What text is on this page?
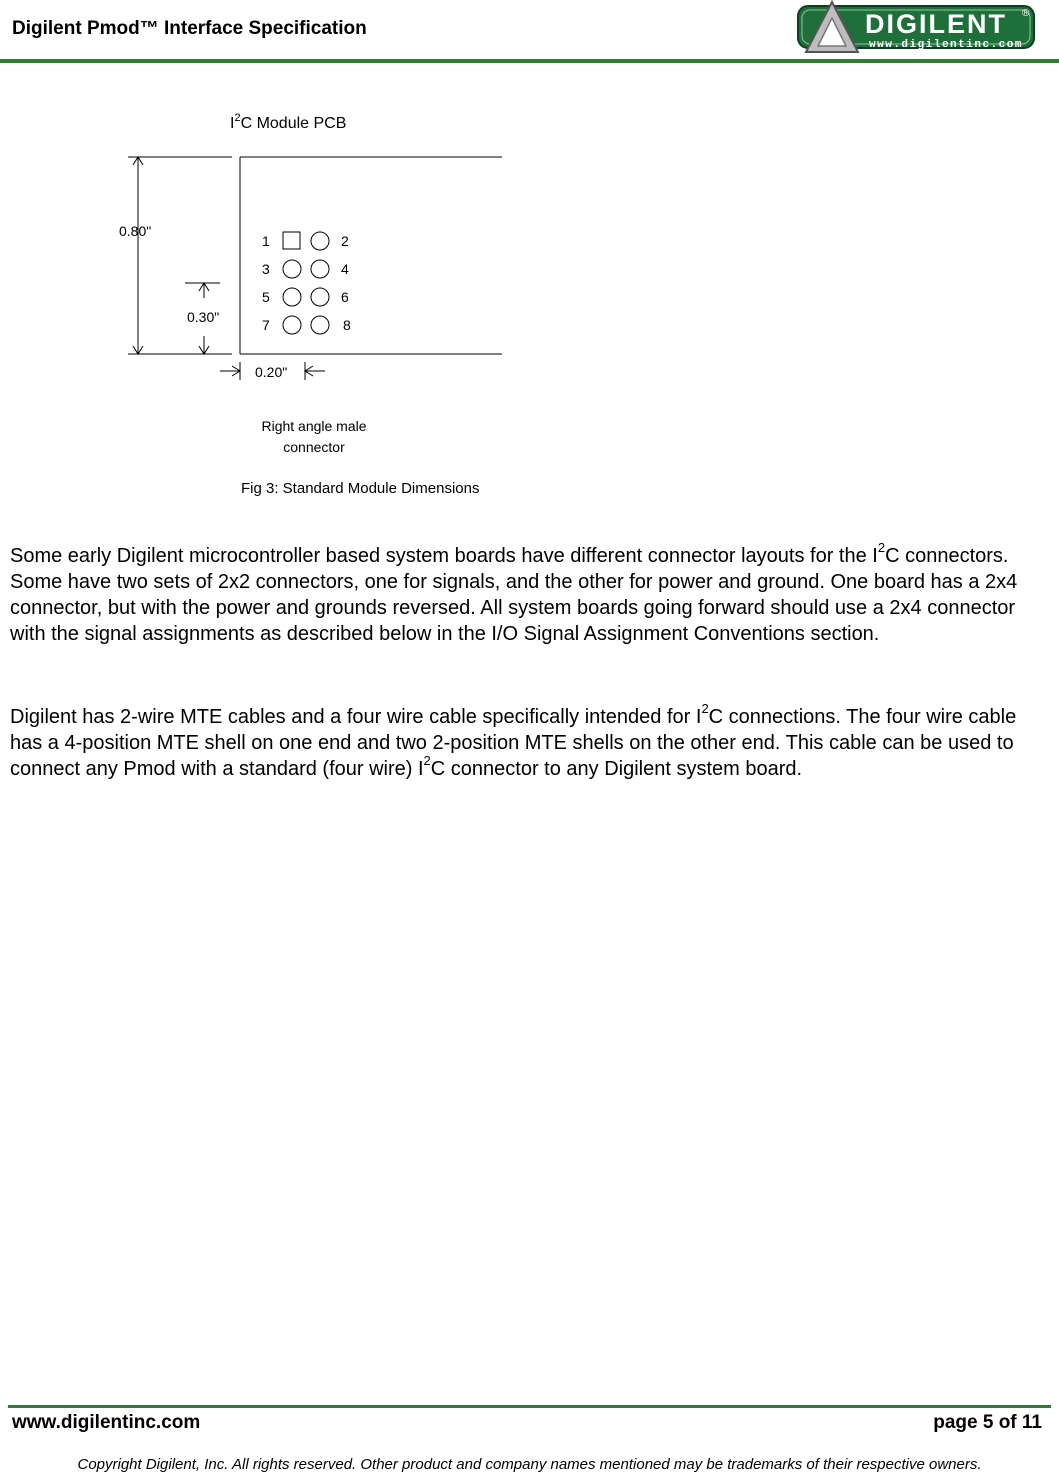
Digilent Pmod™ Interface Specification	DIGILENT ®
www.digilentinc.com
$I^2C$ Module PCB
0.80"
0.30"
0.20"
1	2
3	4
5	6
7	8
Right angle male
connector
Fig 3: Standard Module Dimensions

Some early Digilent microcontroller based system boards have different connector layouts for the $I^2C$ connectors. Some have two sets of 2x2 connectors, one for signals, and the other for power and ground. One board has a 2x4 connector, but with the power and grounds reversed. All system boards going forward should use a 2x4 connector with the signal assignments as described below in the I/O Signal Assignment Conventions section.

Digilent has 2-wire MTE cables and a four wire cable specifically intended for $I^2C$ connections. The four wire cable has a 4-position MTE shell on one end and two 2-position MTE shells on the other end. This cable can be used to connect any Pmod with a standard (four wire) $I^2C$ connector to any Digilent system board.

www.digilentinc.com	page 5 of 11
Copyright Digilent, Inc. All rights reserved. Other product and company names mentioned may be trademarks of their respective owners.
